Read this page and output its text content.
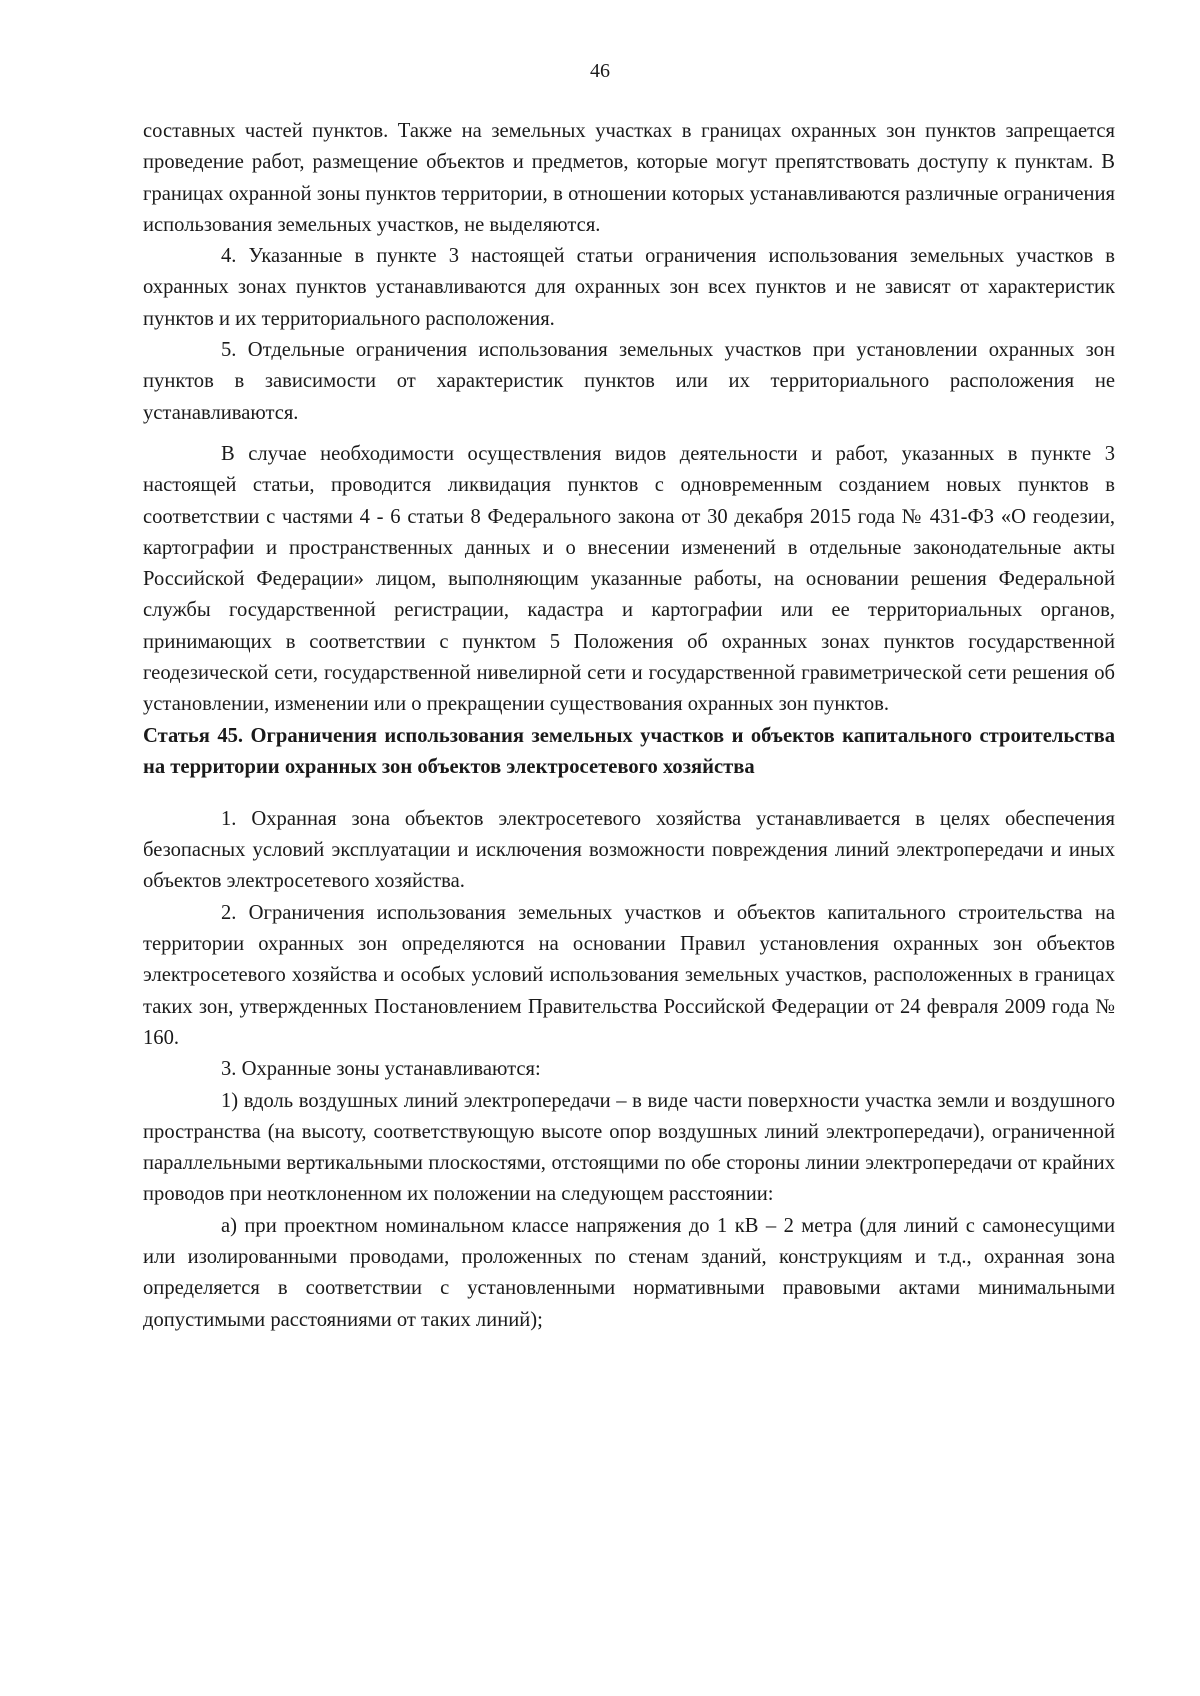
46

составных частей пунктов. Также на земельных участках в границах охранных зон пунктов запрещается проведение работ, размещение объектов и предметов, которые могут препятствовать доступу к пунктам. В границах охранной зоны пунктов территории, в отношении которых устанавливаются различные ограничения использования земельных участков, не выделяются.

4. Указанные в пункте 3 настоящей статьи ограничения использования земельных участков в охранных зонах пунктов устанавливаются для охранных зон всех пунктов и не зависят от характеристик пунктов и их территориального расположения.

5. Отдельные ограничения использования земельных участков при установлении охранных зон пунктов в зависимости от характеристик пунктов или их территориального расположения не устанавливаются.

В случае необходимости осуществления видов деятельности и работ, указанных в пункте 3 настоящей статьи, проводится ликвидация пунктов с одновременным созданием новых пунктов в соответствии с частями 4 - 6 статьи 8 Федерального закона от 30 декабря 2015 года № 431-ФЗ «О геодезии, картографии и пространственных данных и о внесении изменений в отдельные законодательные акты Российской Федерации» лицом, выполняющим указанные работы, на основании решения Федеральной службы государственной регистрации, кадастра и картографии или ее территориальных органов, принимающих в соответствии с пунктом 5 Положения об охранных зонах пунктов государственной геодезической сети, государственной нивелирной сети и государственной гравиметрической сети решения об установлении, изменении или о прекращении существования охранных зон пунктов.

Статья 45. Ограничения использования земельных участков и объектов капитального строительства на территории охранных зон объектов электросетевого хозяйства

1. Охранная зона объектов электросетевого хозяйства устанавливается в целях обеспечения безопасных условий эксплуатации и исключения возможности повреждения линий электропередачи и иных объектов электросетевого хозяйства.

2. Ограничения использования земельных участков и объектов капитального строительства на территории охранных зон определяются на основании Правил установления охранных зон объектов электросетевого хозяйства и особых условий использования земельных участков, расположенных в границах таких зон, утвержденных Постановлением Правительства Российской Федерации от 24 февраля 2009 года № 160.

3. Охранные зоны устанавливаются:

1) вдоль воздушных линий электропередачи – в виде части поверхности участка земли и воздушного пространства (на высоту, соответствующую высоте опор воздушных линий электропередачи), ограниченной параллельными вертикальными плоскостями, отстоящими по обе стороны линии электропередачи от крайних проводов при неотклоненном их положении на следующем расстоянии:

а) при проектном номинальном классе напряжения до 1 кВ – 2 метра (для линий с самонесущими или изолированными проводами, проложенных по стенам зданий, конструкциям и т.д., охранная зона определяется в соответствии с установленными нормативными правовыми актами минимальными допустимыми расстояниями от таких линий);
